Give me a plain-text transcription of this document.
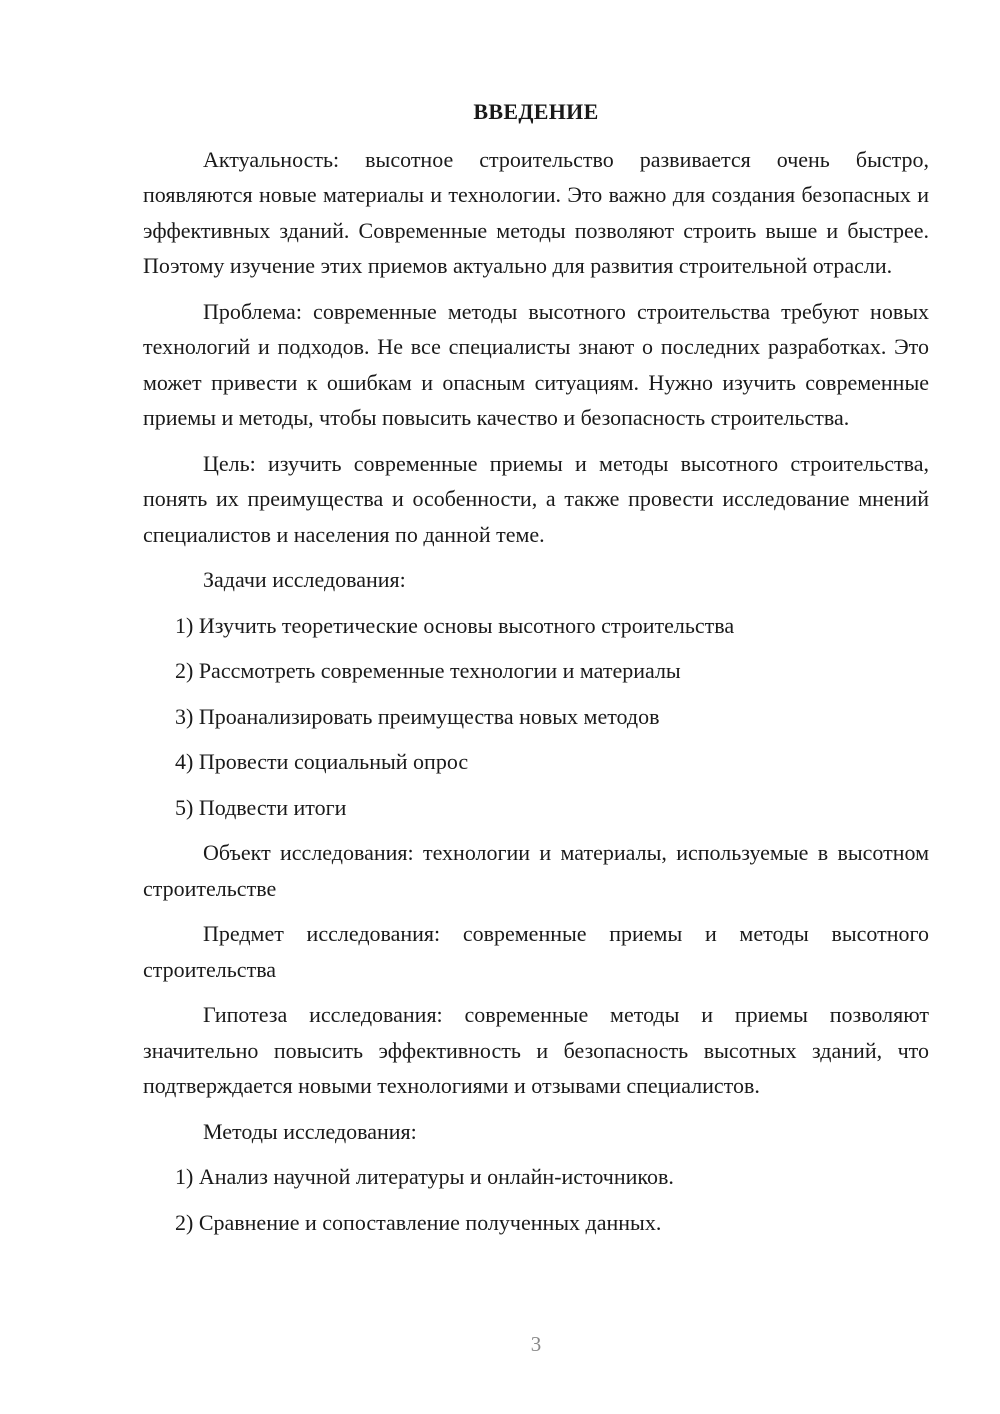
ВВЕДЕНИЕ

Актуальность: высотное строительство развивается очень быстро, появляются новые материалы и технологии. Это важно для создания безопасных и эффективных зданий. Современные методы позволяют строить выше и быстрее. Поэтому изучение этих приемов актуально для развития строительной отрасли.

Проблема: современные методы высотного строительства требуют новых технологий и подходов. Не все специалисты знают о последних разработках. Это может привести к ошибкам и опасным ситуациям. Нужно изучить современные приемы и методы, чтобы повысить качество и безопасность строительства.

Цель: изучить современные приемы и методы высотного строительства, понять их преимущества и особенности, а также провести исследование мнений специалистов и населения по данной теме.

Задачи исследования:

1) Изучить теоретические основы высотного строительства

2) Рассмотреть современные технологии и материалы

3) Проанализировать преимущества новых методов

4) Провести социальный опрос

5) Подвести итоги

Объект исследования: технологии и материалы, используемые в высотном строительстве

Предмет исследования: современные приемы и методы высотного строительства

Гипотеза исследования: современные методы и приемы позволяют значительно повысить эффективность и безопасность высотных зданий, что подтверждается новыми технологиями и отзывами специалистов.

Методы исследования:

1) Анализ научной литературы и онлайн-источников.

2) Сравнение и сопоставление полученных данных.

3
